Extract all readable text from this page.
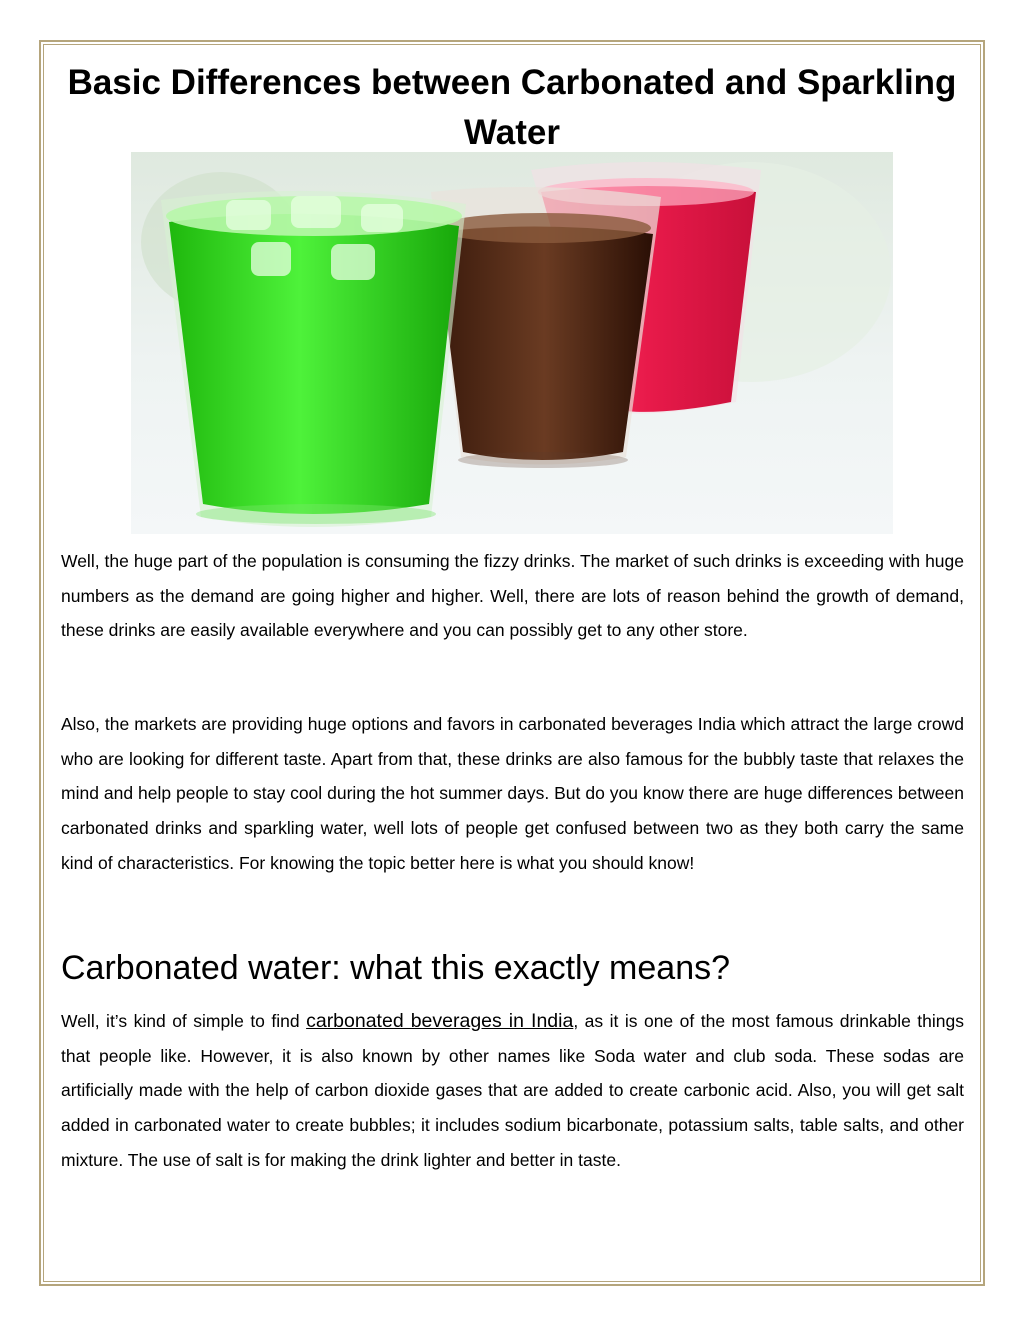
Basic Differences between Carbonated and Sparkling Water

Well, the huge part of the population is consuming the fizzy drinks. The market of such drinks is exceeding with huge numbers as the demand are going higher and higher. Well, there are lots of reason behind the growth of demand, these drinks are easily available everywhere and you can possibly get to any other store.

Also, the markets are providing huge options and favors in carbonated beverages India which attract the large crowd who are looking for different taste. Apart from that, these drinks are also famous for the bubbly taste that relaxes the mind and help people to stay cool during the hot summer days. But do you know there are huge differences between carbonated drinks and sparkling water, well lots of people get confused between two as they both carry the same kind of characteristics. For knowing the topic better here is what you should know!

Carbonated water: what this exactly means?

Well, it’s kind of simple to find carbonated beverages in India, as it is one of the most famous drinkable things that people like. However, it is also known by other names like Soda water and club soda. These sodas are artificially made with the help of carbon dioxide gases that are added to create carbonic acid. Also, you will get salt added in carbonated water to create bubbles; it includes sodium bicarbonate, potassium salts, table salts, and other mixture. The use of salt is for making the drink lighter and better in taste.
